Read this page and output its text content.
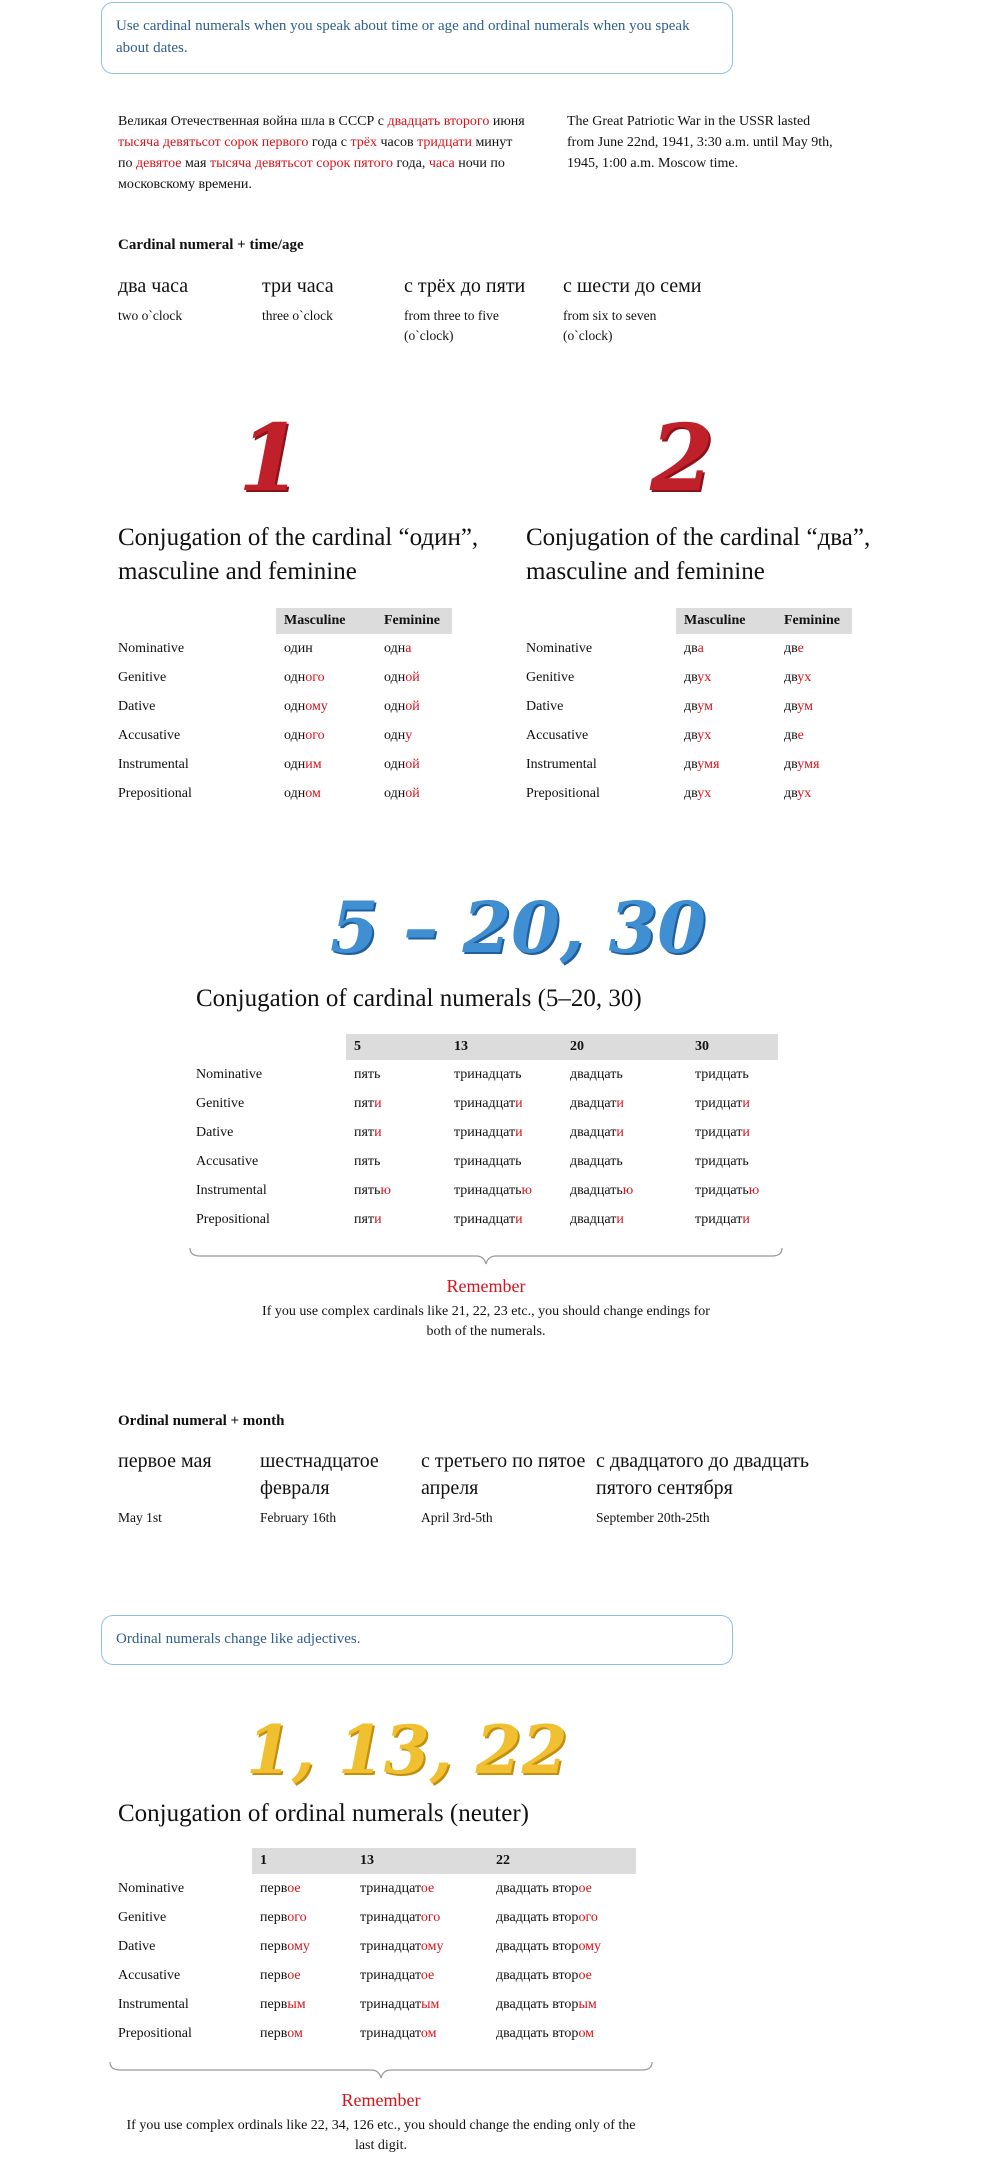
Use cardinal numerals when you speak about time or age and ordinal numerals when you speak about dates.
Великая Отечественная война шла в СССР с двадцать второго июня тысяча девятьсот сорок первого года с трёх часов тридцати минут по девятое мая тысяча девятьсот сорок пятого года, часа ночи по московскому времени.
The Great Patriotic War in the USSR lasted from June 22nd, 1941, 3:30 a.m. until May 9th, 1945, 1:00 a.m. Moscow time.
Cardinal numeral + time/age
два часа
two o`clock
три часа
three o`clock
с трёх до пяти
from three to five (o`clock)
с шести до семи
from six to seven (o`clock)
1	2
Conjugation of the cardinal “один”, masculine and feminine
Conjugation of the cardinal “два”, masculine and feminine
	Masculine	Feminine
Nominative	один	одна
Genitive	одного	одной
Dative	одному	одной
Accusative	одного	одну
Instrumental	одним	одной
Prepositional	одном	одной
	Masculine	Feminine
Nominative	два	две
Genitive	двух	двух
Dative	двум	двум
Accusative	двух	две
Instrumental	двумя	двумя
Prepositional	двух	двух
5 – 20, 30
Conjugation of cardinal numerals (5–20, 30)
	5	13	20	30
Nominative	пять	тринадцать	двадцать	тридцать
Genitive	пяти	тринадцати	двадцати	тридцати
Dative	пяти	тринадцати	двадцати	тридцати
Accusative	пять	тринадцать	двадцать	тридцать
Instrumental	пятью	тринадцатью	двадцатью	тридцатью
Prepositional	пяти	тринадцати	двадцати	тридцати
Remember
If you use complex cardinals like 21, 22, 23 etc., you should change endings for both of the numerals.
Ordinal numeral + month
первое мая
May 1st
шестнадцатое февраля
February 16th
с третьего по пятое апреля
April 3rd-5th
с двадцатого до двадцать пятого сентября
September 20th-25th
Ordinal numerals change like adjectives.
1, 13, 22
Conjugation of ordinal numerals (neuter)
	1	13	22
Nominative	первое	тринадцатое	двадцать второе
Genitive	первого	тринадцатого	двадцать второго
Dative	первому	тринадцатому	двадцать второму
Accusative	первое	тринадцатое	двадцать второе
Instrumental	первым	тринадцатым	двадцать вторым
Prepositional	первом	тринадцатом	двадцать втором
Remember
If you use complex ordinals like 22, 34, 126 etc., you should change the ending only of the last digit.
